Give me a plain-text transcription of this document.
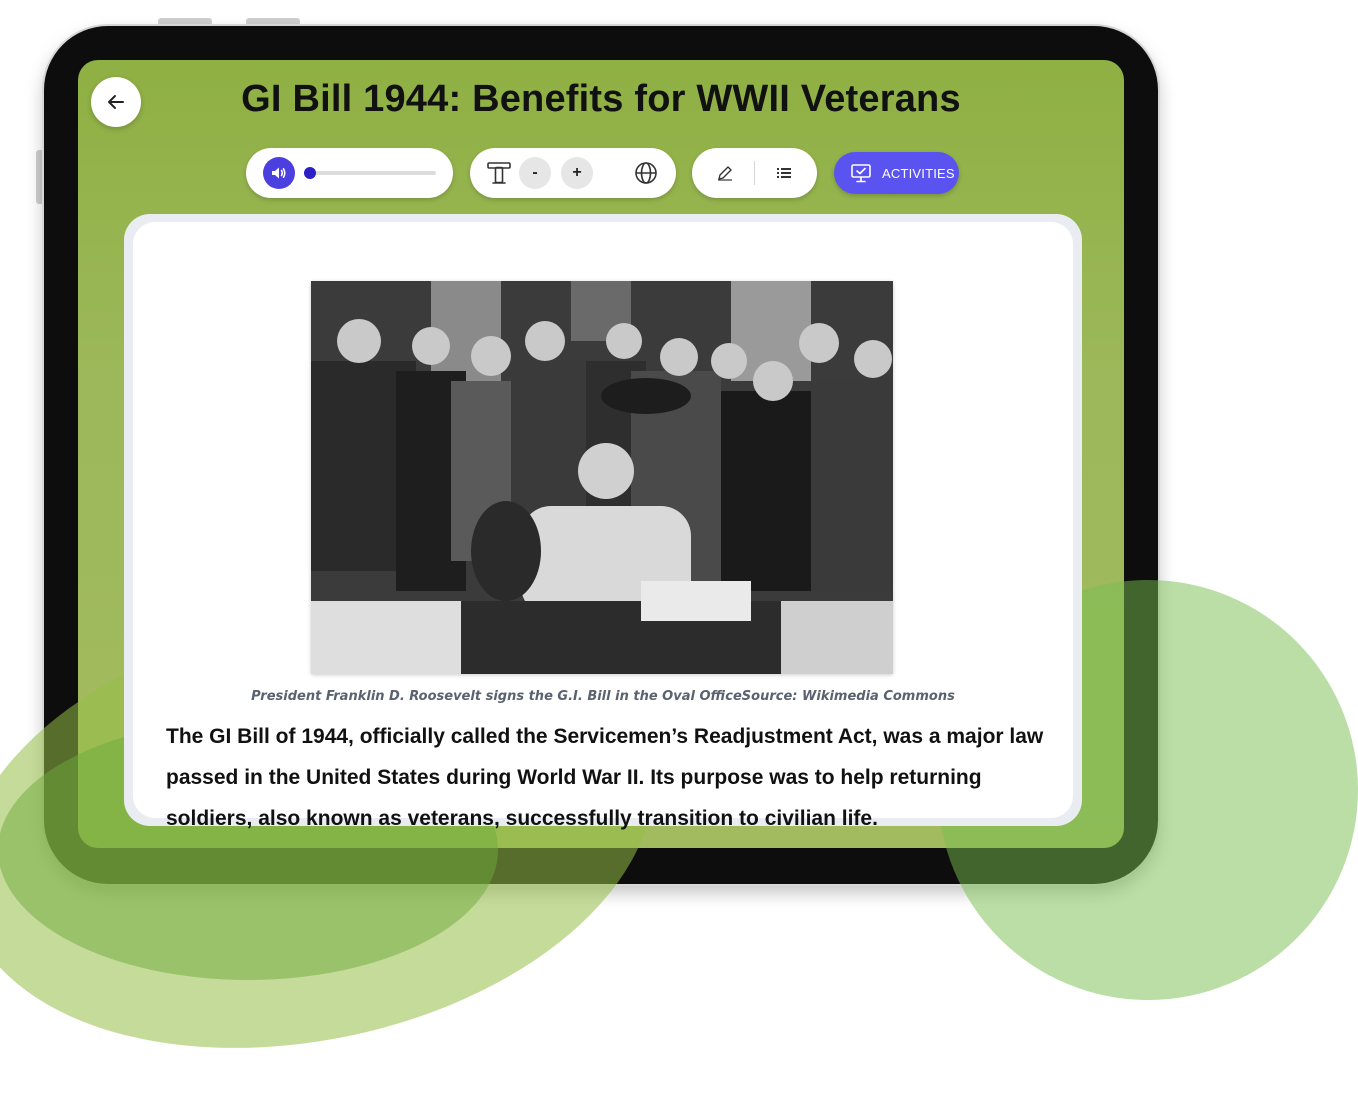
GI Bill 1944: Benefits for WWII Veterans
-	+	ACTIVITIES
President Franklin D. Roosevelt signs the G.I. Bill in the Oval OfficeSource: Wikimedia Commons
The GI Bill of 1944, officially called the Servicemen’s Readjustment Act, was a major law passed in the United States during World War II. Its purpose was to help returning soldiers, also known as veterans, successfully transition to civilian life.
